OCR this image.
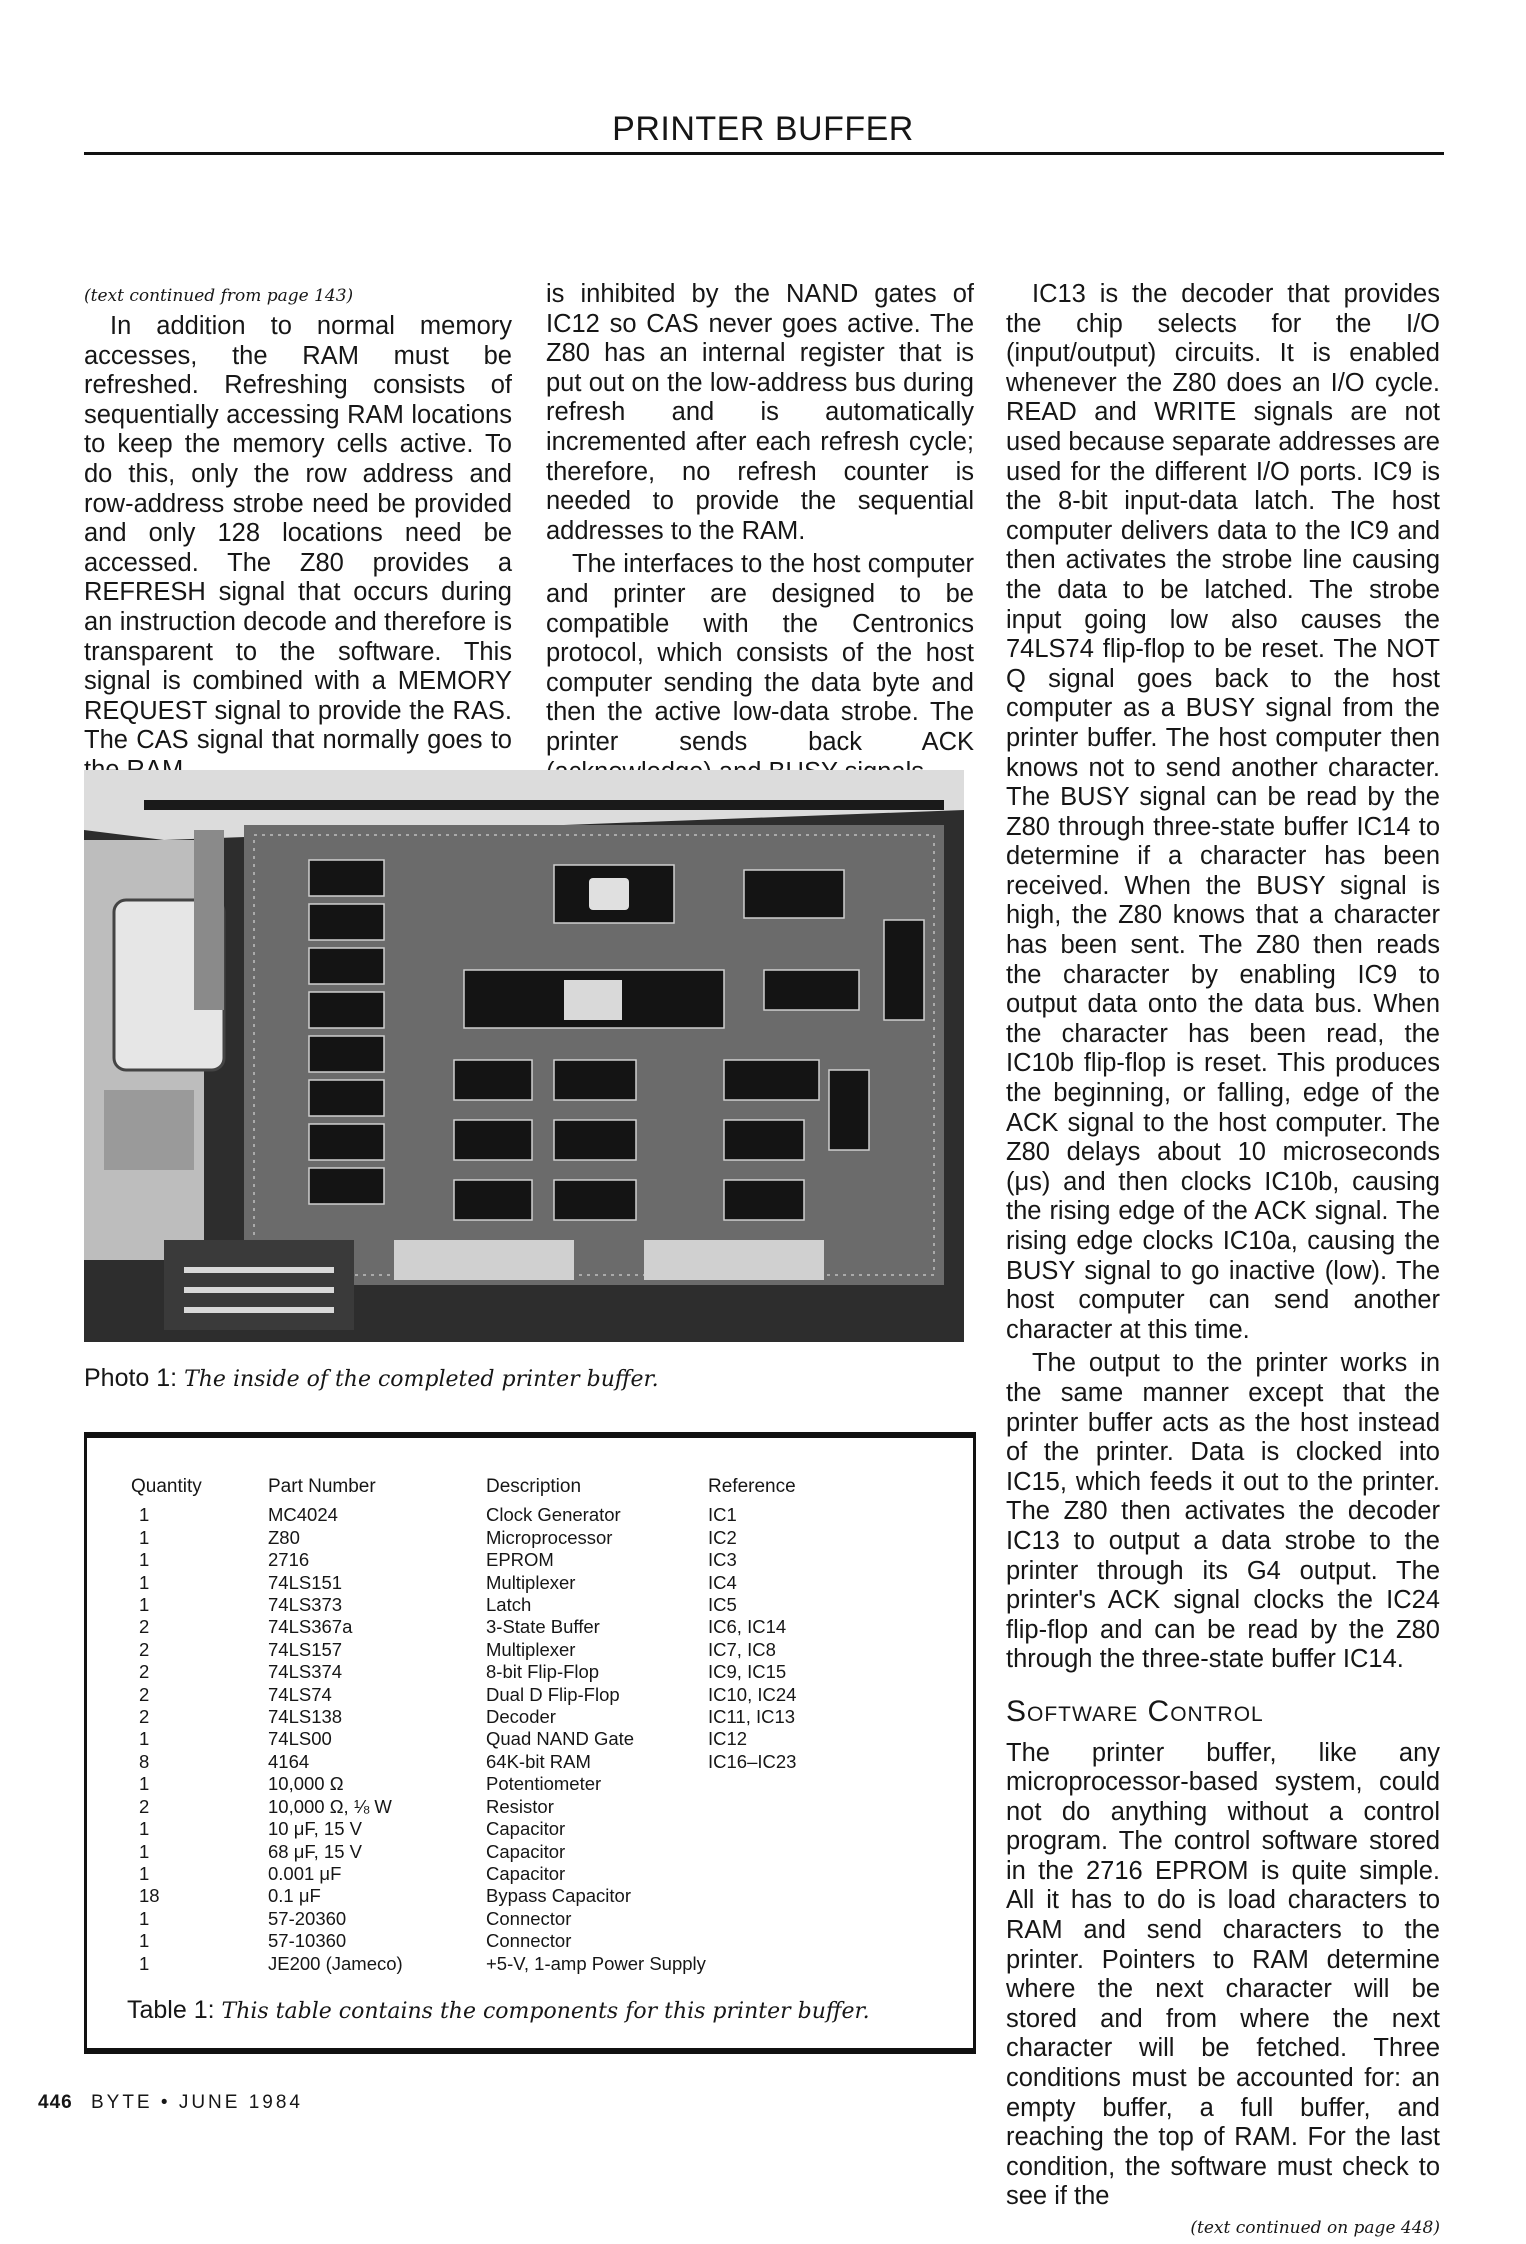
PRINTER BUFFER
(text continued from page 143)

In addition to normal memory accesses, the RAM must be refreshed. Refreshing consists of sequentially accessing RAM locations to keep the memory cells active. To do this, only the row address and row-address strobe need be provided and only 128 locations need be accessed. The Z80 provides a REFRESH signal that occurs during an instruction decode and therefore is transparent to the software. This signal is combined with a MEMORY REQUEST signal to provide the RAS. The CAS signal that normally goes to

is inhibited by the NAND gates of IC12 so CAS never goes active. The Z80 has an internal register that is put out on the low-address bus during refresh and is automatically incremented after each refresh cycle; therefore, no refresh counter is needed to provide the sequential addresses to the RAM.

The interfaces to the host computer and printer are designed to be compatible with the Centronics protocol, which consists of the host computer sending the data byte and then the active low-data strobe. The printer sends back ACK

IC13 is the decoder that provides the chip selects for the I/O (input/output) circuits. It is enabled whenever the Z80 does an I/O cycle. READ and WRITE signals are not used because separate addresses are used for the different I/O ports. IC9 is the 8-bit input-data latch. The host computer delivers data to the IC9 and then activates the strobe line causing the data to be latched. The strobe input going low also causes the 74LS74 flip-flop to be reset. The NOT Q signal goes back to the host computer as a BUSY signal from the printer buffer. The host computer then knows not to send another character. The BUSY signal can be read by the Z80 through three-state buffer IC14 to determine if a character has been received. When the BUSY signal is high, the Z80 knows that a character has been sent. The Z80 then reads the character by enabling IC9 to output data onto the data bus. When the character has been read, the IC10b flip-flop is reset. This produces the beginning, or falling, edge of the ACK signal to the host computer. The Z80 delays about 10 microseconds (μs) and then clocks IC10b, causing the rising edge of the ACK signal. The rising edge clocks IC10a, causing the BUSY signal to go inactive (low). The host computer can send another character at this time.

The output to the printer works in the same manner except that the printer buffer acts as the host instead of the printer. Data is clocked into IC15, which feeds it out to the printer. The Z80 then activates the decoder IC13 to output a data strobe to the printer through its G4 output. The printer's ACK signal clocks the IC24 flip-flop and can be read by the Z80 through the three-state buffer IC14.

Software Control

The printer buffer, like any microprocessor-based system, could not do anything without a control program. The control software stored in the 2716 EPROM is quite simple. All it has to do is load characters to RAM and send characters to the printer. Pointers to RAM determine where the next character will be stored and from where the next character will be fetched. Three conditions must be accounted for: an empty buffer, a full buffer, and reaching the top of RAM. For the last condition, the software must check to see if the

(text continued on page 448)
Photo 1: The inside of the completed printer buffer.
Quantity	Part Number	Description	Reference
1	MC4024	Clock Generator	IC1
1	Z80	Microprocessor	IC2
1	2716	EPROM	IC3
1	74LS151	Multiplexer	IC4
1	74LS373	Latch	IC5
2	74LS367a	3-State Buffer	IC6, IC14
2	74LS157	Multiplexer	IC7, IC8
2	74LS374	8-bit Flip-Flop	IC9, IC15
2	74LS74	Dual D Flip-Flop	IC10, IC24
2	74LS138	Decoder	IC11, IC13
1	74LS00	Quad NAND Gate	IC12
8	4164	64K-bit RAM	IC16–IC23
1	10,000 Ω	Potentiometer	
2	10,000 Ω, ⅛ W	Resistor	
1	10 μF, 15 V	Capacitor	
1	68 μF, 15 V	Capacitor	
1	0.001 μF	Capacitor	
18	0.1 μF	Bypass Capacitor	
1	57-20360	Connector	
1	57-10360	Connector	
1	JE200 (Jameco)	+5-V, 1-amp Power Supply	
Table 1: This table contains the components for this printer buffer.
446 BYTE • JUNE 1984
